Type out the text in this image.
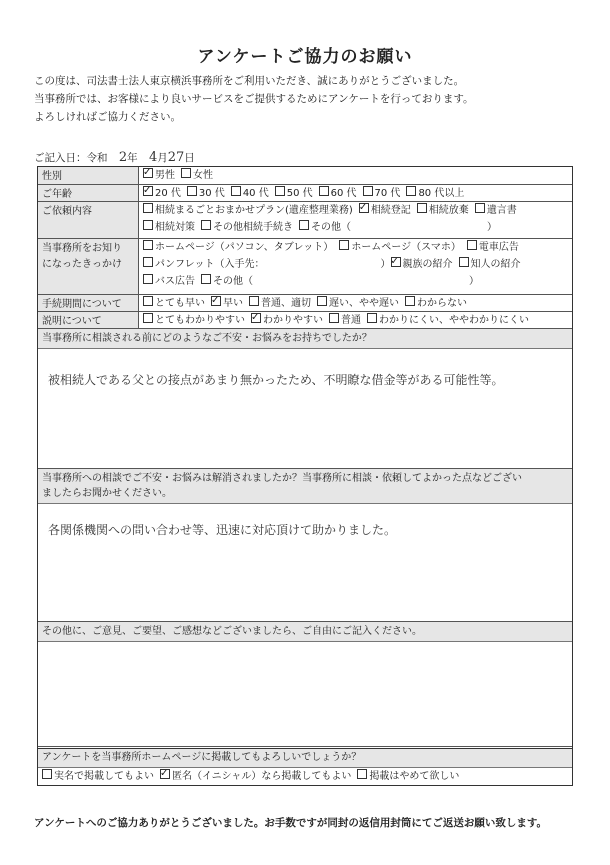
アンケートご協力のお願い
この度は、司法書士法人東京横浜事務所をご利用いただき、誠にありがとうございました。
当事務所では、お客様により良いサービスをご提供するためにアンケートを行っております。
よろしければご協力ください。
ご記入日：令和 2年 4月27日
性別 ✓	男性 女性
ご年齢 ✓	20 代 30 代 40 代 50 代 60 代 70 代 80 代以上
ご依頼内容	相続まるごとおまかせプラン(遺産整理業務) ✓ 相続登記 相続放棄 遺言書
相続対策 その他相続手続き その他（	）
当事務所をお知り
になったきっかけ
ホームページ（パソコン、タブレット） ホームページ（スマホ） 電車広告
パンフレット（入手先：	） ✓ 親族の紹介 知人の紹介
バス広告 その他（	）
手続期間について	とても早い ✓ 早い 普通、適切 遅い、やや遅い わからない
説明について	とてもわかりやすい ✓ わかりやすい 普通 わかりにくい、ややわかりにくい
当事務所に相談される前にどのようなご不安・お悩みをお持ちでしたか？
被相続人である父との接点があまり無かったため、不明瞭な借金等がある可能性等。
当事務所への相談でご不安・お悩みは解消されましたか？当事務所に相談・依頼してよかった点などござい
ましたらお聞かせください。
各関係機関への問い合わせ等、迅速に対応頂けて助かりました。
その他に、ご意見、ご要望、ご感想などございましたら、ご自由にご記入ください。
アンケートを当事務所ホームページに掲載してもよろしいでしょうか？
実名で掲載してもよい ✓ 匿名（イニシャル）なら掲載してもよい 掲載はやめて欲しい
アンケートへのご協力ありがとうございました。お手数ですが同封の返信用封筒にてご返送お願い致します。
